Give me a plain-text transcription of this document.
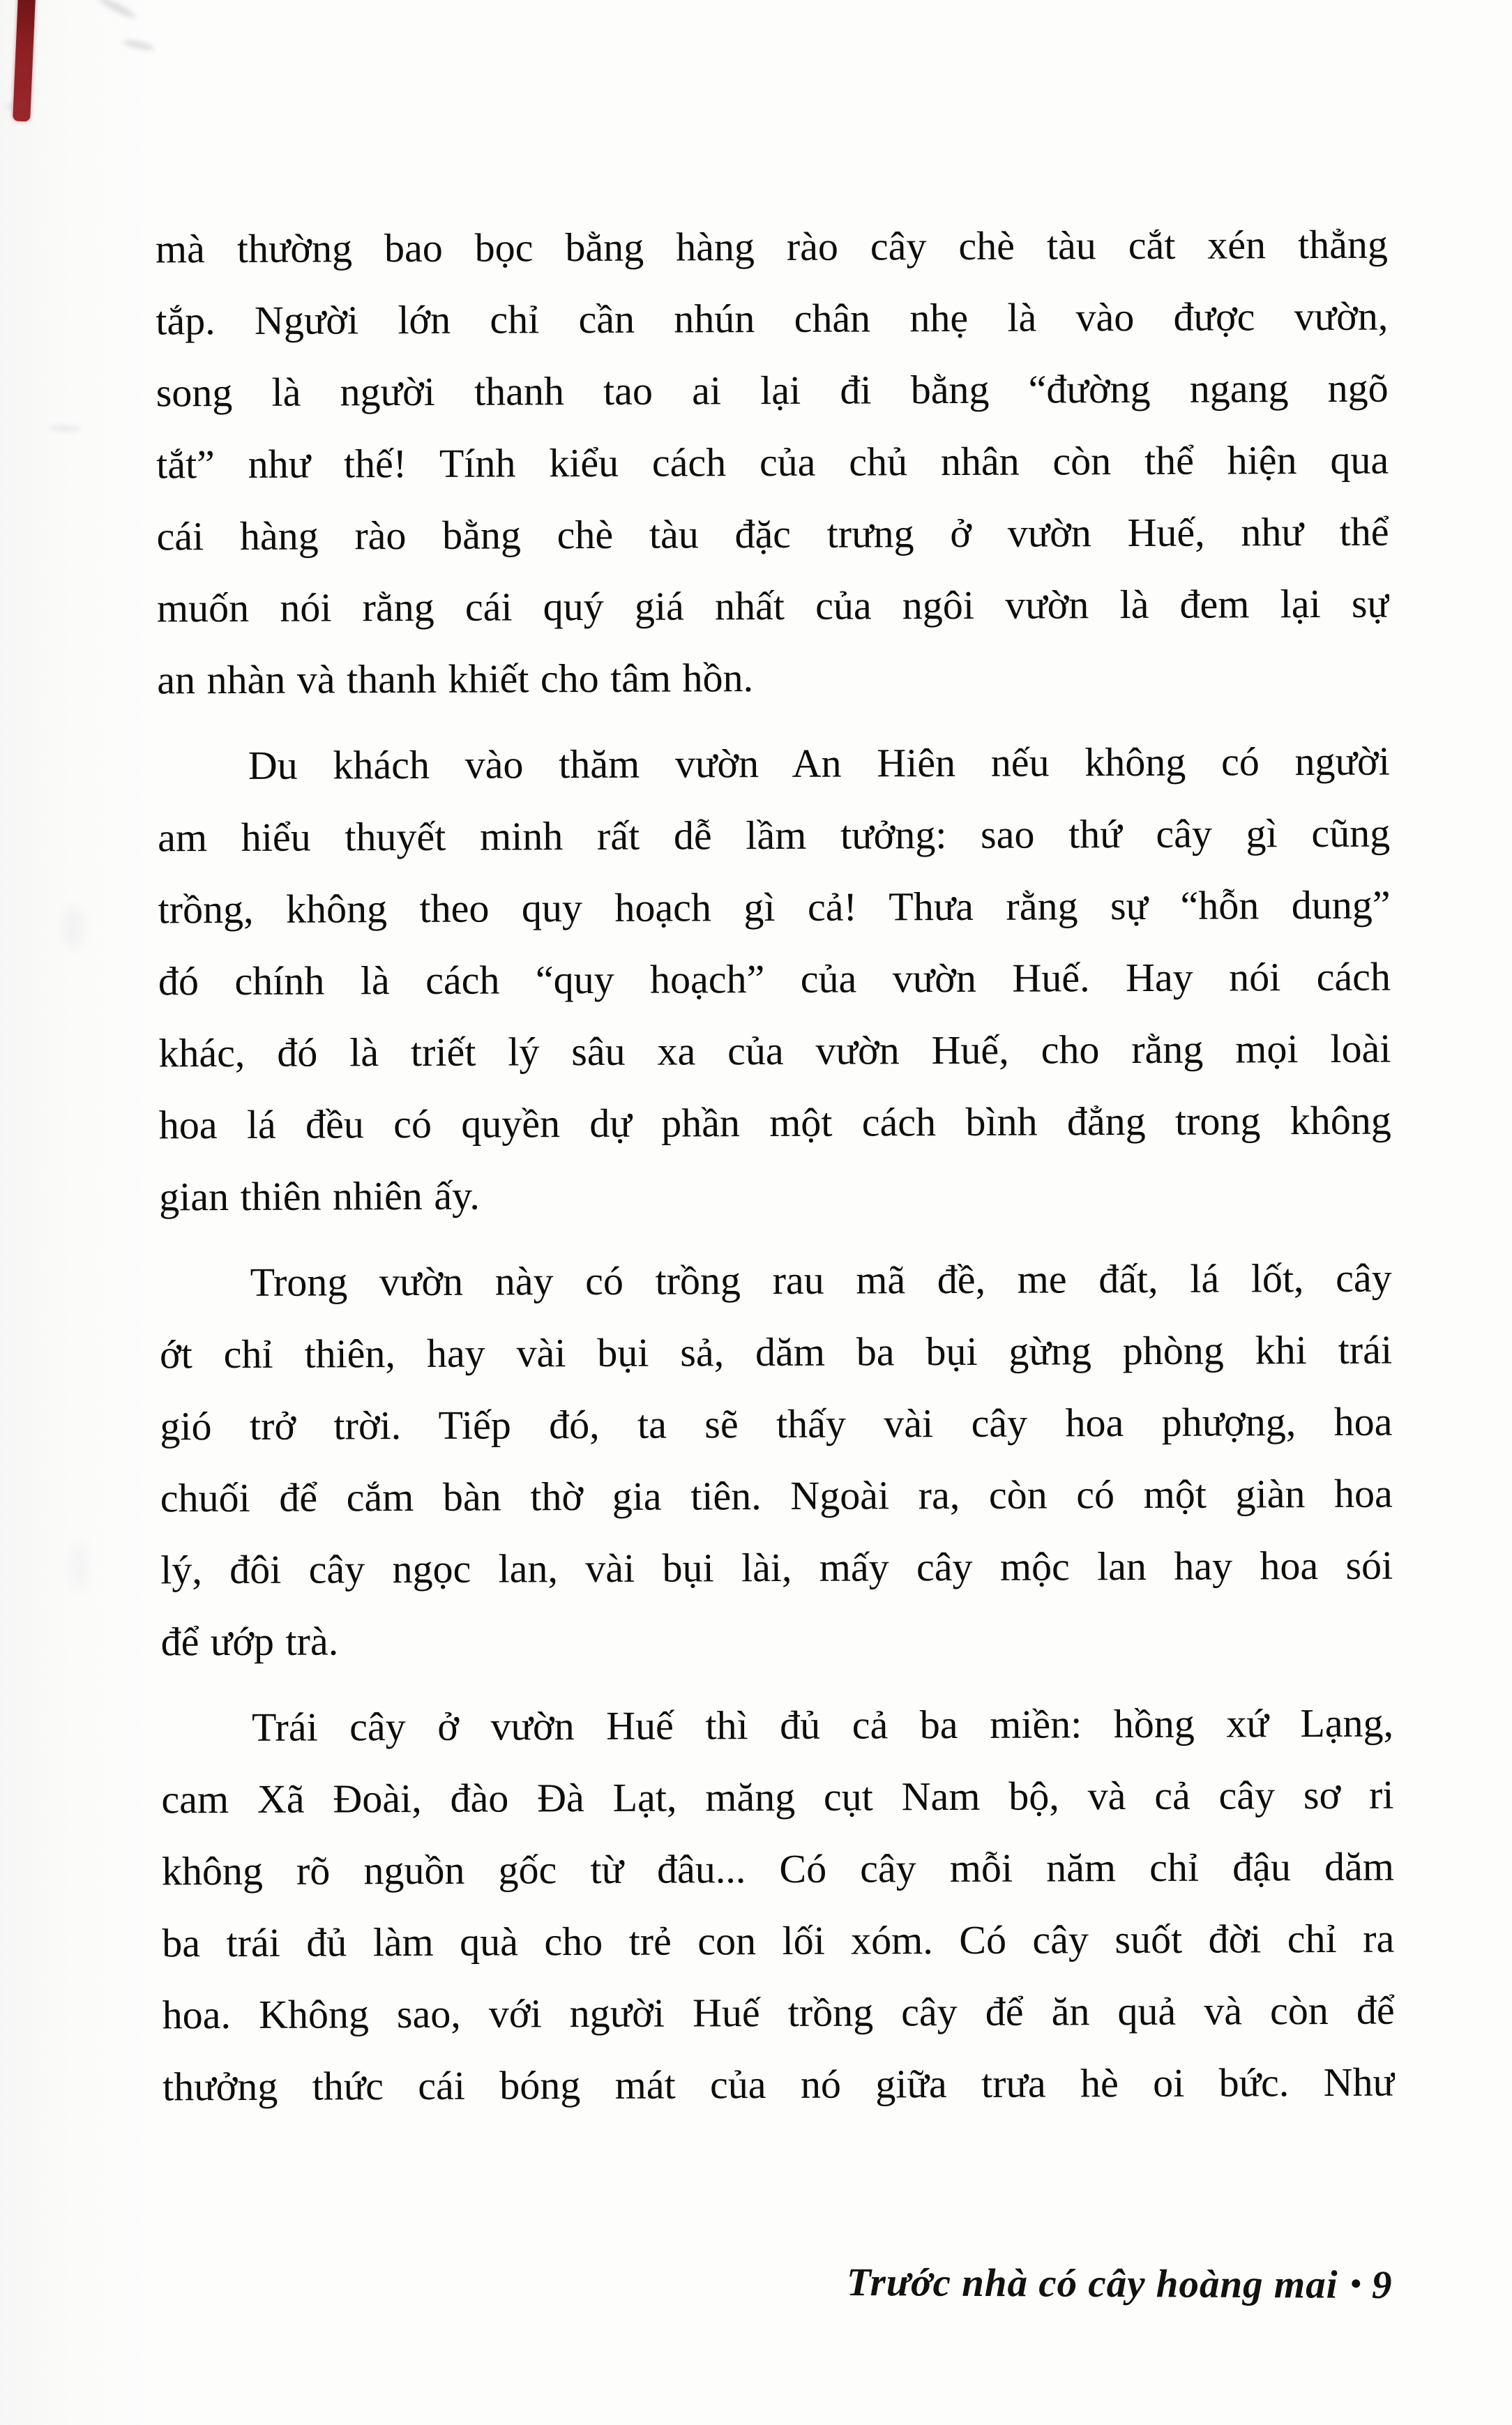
mà thường bao bọc bằng hàng rào cây chè tàu cắt xén thẳng
tắp. Người lớn chỉ cần nhún chân nhẹ là vào được vườn,
song là người thanh tao ai lại đi bằng “đường ngang ngõ
tắt” như thế! Tính kiểu cách của chủ nhân còn thể hiện qua
cái hàng rào bằng chè tàu đặc trưng ở vườn Huế, như thể
muốn nói rằng cái quý giá nhất của ngôi vườn là đem lại sự
an nhàn và thanh khiết cho tâm hồn.
Du khách vào thăm vườn An Hiên nếu không có người
am hiểu thuyết minh rất dễ lầm tưởng: sao thứ cây gì cũng
trồng, không theo quy hoạch gì cả! Thưa rằng sự “hỗn dung”
đó chính là cách “quy hoạch” của vườn Huế. Hay nói cách
khác, đó là triết lý sâu xa của vườn Huế, cho rằng mọi loài
hoa lá đều có quyền dự phần một cách bình đẳng trong không
gian thiên nhiên ấy.
Trong vườn này có trồng rau mã đề, me đất, lá lốt, cây
ớt chỉ thiên, hay vài bụi sả, dăm ba bụi gừng phòng khi trái
gió trở trời. Tiếp đó, ta sẽ thấy vài cây hoa phượng, hoa
chuối để cắm bàn thờ gia tiên. Ngoài ra, còn có một giàn hoa
lý, đôi cây ngọc lan, vài bụi lài, mấy cây mộc lan hay hoa sói
để ướp trà.
Trái cây ở vườn Huế thì đủ cả ba miền: hồng xứ Lạng,
cam Xã Đoài, đào Đà Lạt, măng cụt Nam bộ, và cả cây sơ ri
không rõ nguồn gốc từ đâu... Có cây mỗi năm chỉ đậu dăm
ba trái đủ làm quà cho trẻ con lối xóm. Có cây suốt đời chỉ ra
hoa. Không sao, với người Huế trồng cây để ăn quả và còn để
thưởng thức cái bóng mát của nó giữa trưa hè oi bức. Như
Trước nhà có cây hoàng mai • 9
